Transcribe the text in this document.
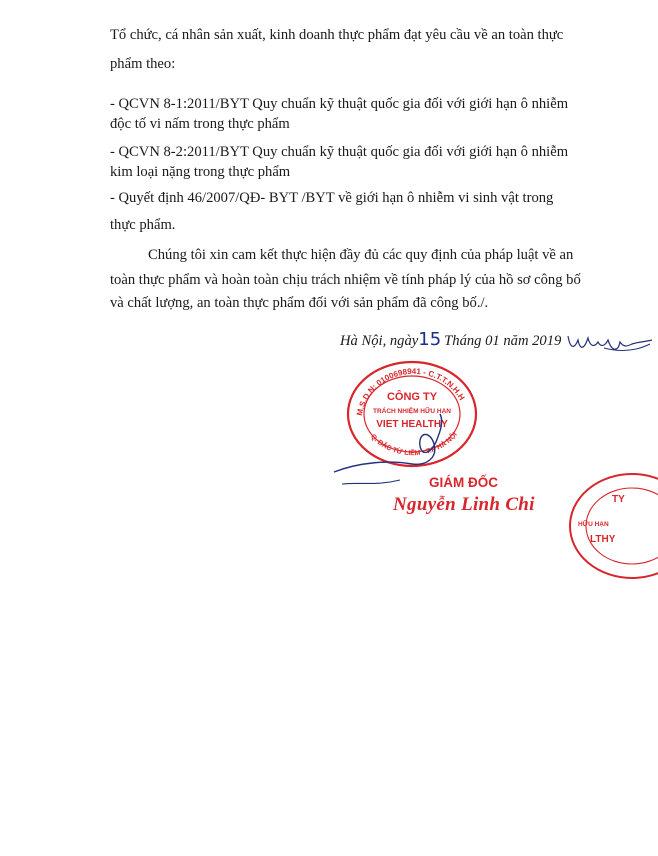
Tổ chức, cá nhân sản xuất, kinh doanh thực phẩm đạt yêu cầu về an toàn thực

phẩm theo:

- QCVN 8-1:2011/BYT Quy chuẩn kỹ thuật quốc gia đối với giới hạn ô nhiễm

độc tố vi nấm trong thực phẩm

- QCVN 8-2:2011/BYT Quy chuẩn kỹ thuật quốc gia đối với giới hạn ô nhiễm

kim loại nặng trong thực phẩm

- Quyết định 46/2007/QĐ- BYT /BYT về giới hạn ô nhiễm vi sinh vật trong

thực phẩm.

Chúng tôi xin cam kết thực hiện đầy đủ các quy định của pháp luật về an

toàn thực phẩm và hoàn toàn chịu trách nhiệm về tính pháp lý của hồ sơ công bố

và chất lượng, an toàn thực phẩm đối với sản phẩm đã công bố./.

Hà Nội, ngày15 Tháng 01 năm 2019

M.S.D.N: 0100698941 - C.T.T.N.H.H
Q. BẮC TỪ LIÊM - T.P HÀ NỘI
CÔNG TY
TRÁCH NHIỆM HỮU HẠN
VIET HEALTHY
GIÁM ĐỐC
Nguyễn Linh Chi	TY
HỮU HẠN
LTHY
